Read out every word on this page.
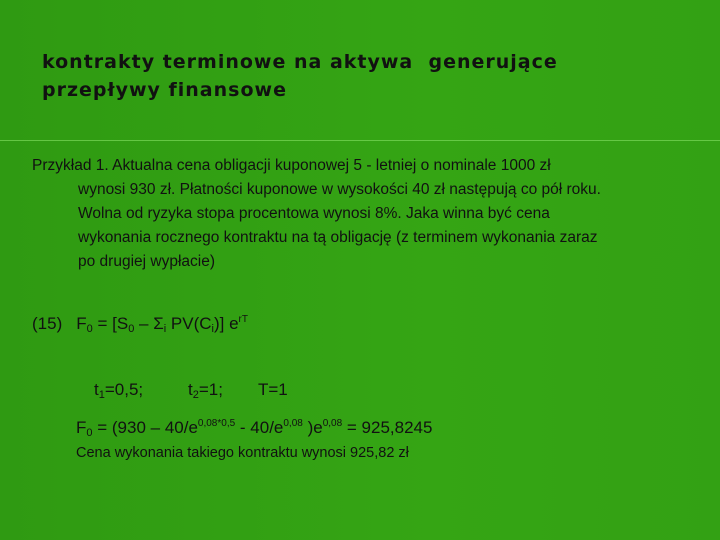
kontrakty terminowe na aktywa  generujące
przepływy finansowe
Przykład 1. Aktualna cena obligacji kuponowej 5 - letniej o nominale 1000 zł
wynosi 930 zł. Płatności kuponowe w wysokości 40 zł następują co pół roku.
Wolna od ryzyka stopa procentowa wynosi 8%. Jaka winna być cena
wykonania rocznego kontraktu na tą obligację (z terminem wykonania zaraz
po drugiej wypłacie)
(15) $F_0 = [S_0 - \Sigma_i$ $PV(C_i)$] $e^{rT}$
$t_1=0,5$;	$t_2=1$; T=1
$F_0 = (930 - 40/e^{0,08*0,5} - 40/e^{0,08}$ )$e^{0,08} = 925,8245$
Cena wykonania takiego kontraktu wynosi 925,82 zł
